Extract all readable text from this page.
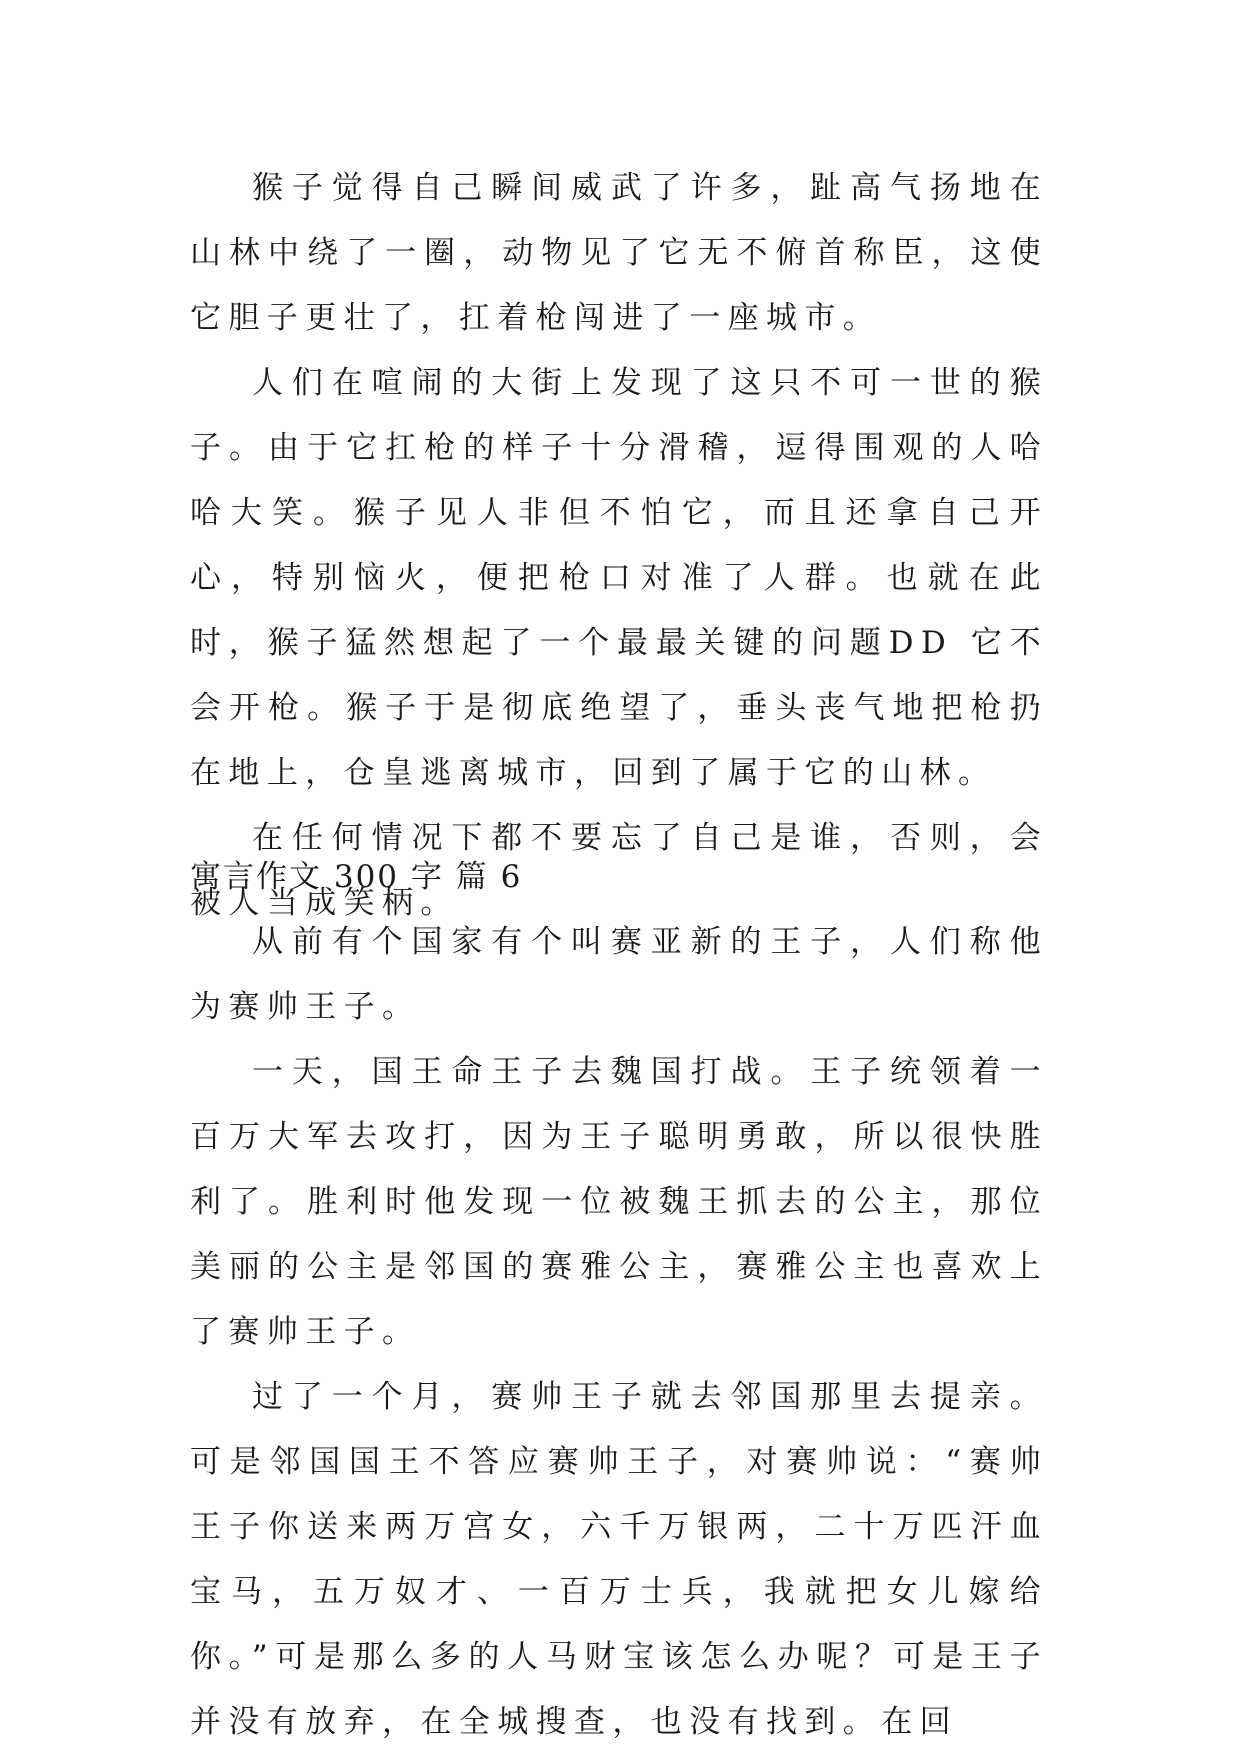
猴子觉得自己瞬间威武了许多，趾高气扬地在山林中绕了一圈，动物见了它无不俯首称臣，这使它胆子更壮了，扛着枪闯进了一座城市。

人们在喧闹的大街上发现了这只不可一世的猴子。由于它扛枪的样子十分滑稽，逗得围观的人哈哈大笑。猴子见人非但不怕它，而且还拿自己开心，特别恼火，便把枪口对准了人群。也就在此时，猴子猛然想起了一个最最关键的问题DD 它不会开枪。猴子于是彻底绝望了，垂头丧气地把枪扔在地上，仓皇逃离城市，回到了属于它的山林。

在任何情况下都不要忘了自己是谁，否则，会被人当成笑柄。

寓言作文 300 字 篇 6

从前有个国家有个叫赛亚新的王子，人们称他为赛帅王子。

一天，国王命王子去魏国打战。王子统领着一百万大军去攻打，因为王子聪明勇敢，所以很快胜利了。胜利时他发现一位被魏王抓去的公主，那位美丽的公主是邻国的赛雅公主，赛雅公主也喜欢上了赛帅王子。

过了一个月，赛帅王子就去邻国那里去提亲。可是邻国国王不答应赛帅王子，对赛帅说：“赛帅王子你送来两万宫女，六千万银两，二十万匹汗血宝马，五万奴才、一百万士兵，我就把女儿嫁给你。”可是那么多的人马财宝该怎么办呢？可是王子并没有放弃，在全城搜查，也没有找到。在回
